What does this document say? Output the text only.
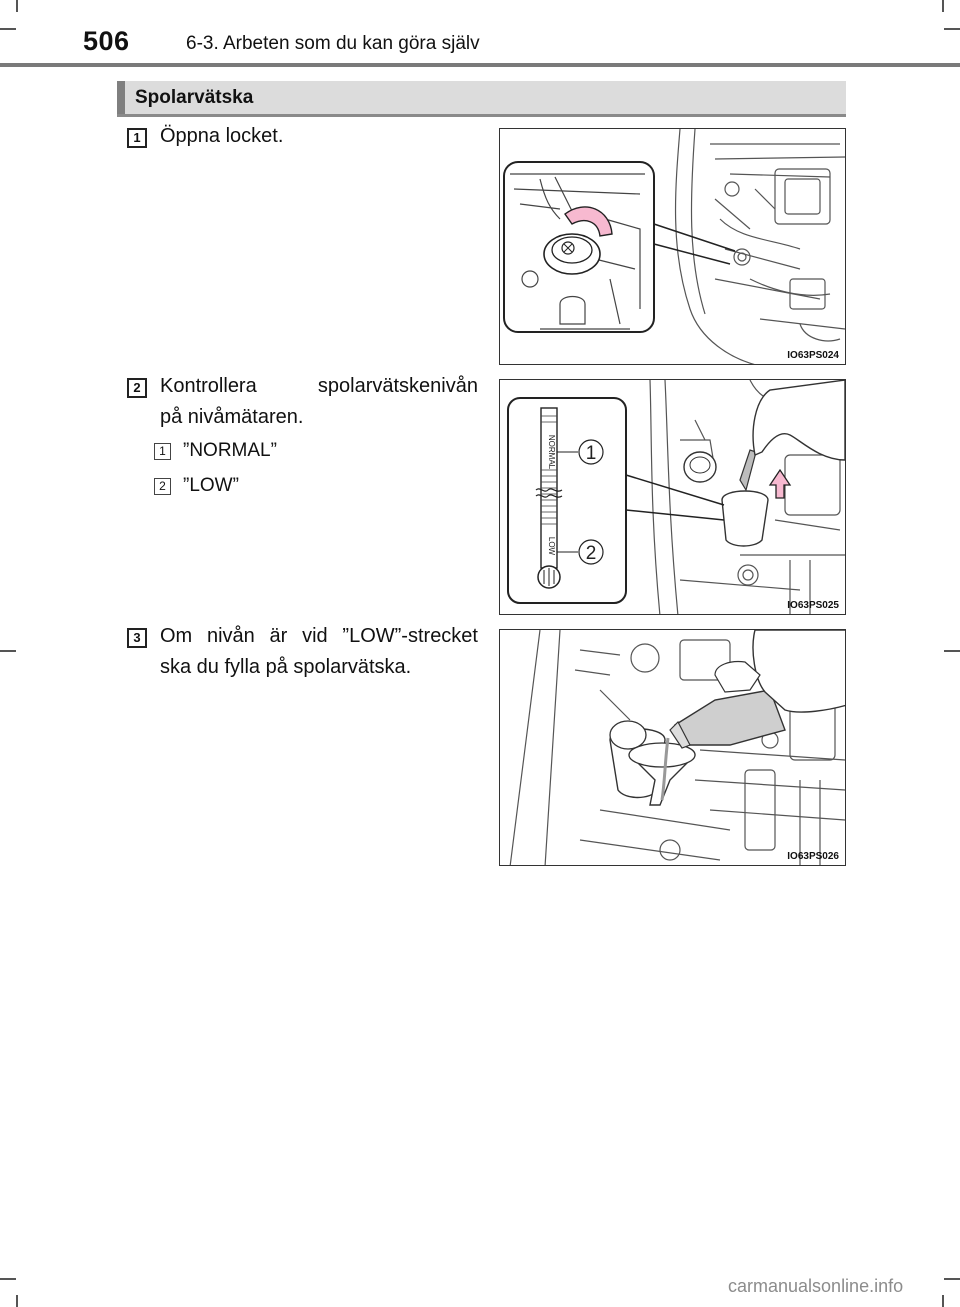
506	6-3. Arbeten som du kan göra själv
Spolarvätska
1 Öppna locket.
IO63PS024
2 Kontrollera spolarvätskenivån
på nivåmätaren.
1 ”NORMAL”
2 ”LOW”
NORMAL
LOW
1
2
IO63PS025
3 Om nivån är vid ”LOW”-strecket
ska du fylla på spolarvätska.
IO63PS026
carmanualsonline.info
